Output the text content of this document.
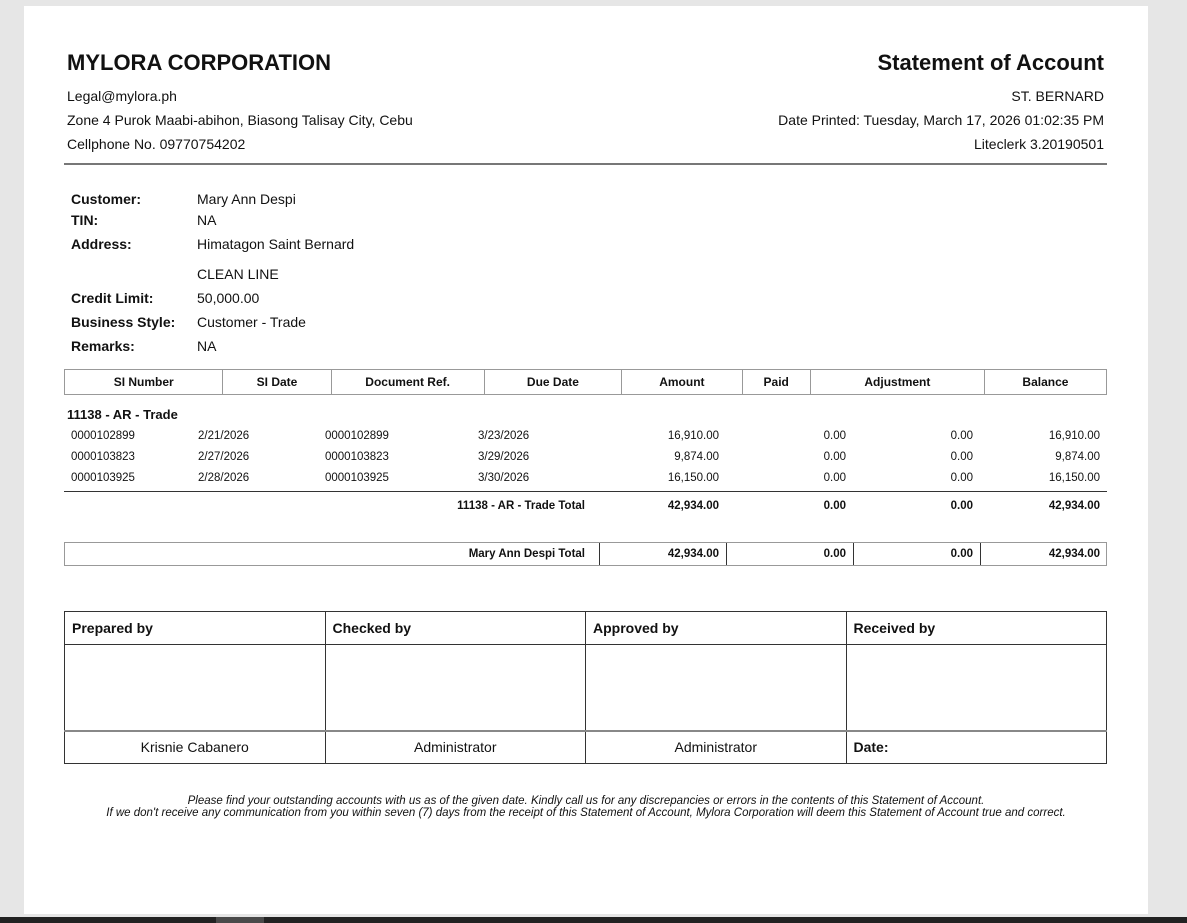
MYLORA CORPORATION
Legal@mylora.ph
Zone 4 Purok Maabi-abihon, Biasong Talisay City, Cebu
Cellphone No. 09770754202
Statement of Account
ST. BERNARD
Date Printed: Tuesday, March 17, 2026 01:02:35 PM
Liteclerk 3.20190501
Customer:	Mary Ann Despi
TIN:	NA
Address:	Himatagon Saint Bernard
CLEAN LINE
Credit Limit:	50,000.00
Business Style: Customer - Trade
Remarks:	NA
SI Number	SI Date	Document Ref.	Due Date	Amount	Paid	Adjustment	Balance
11138 - AR - Trade
0000102899	2/21/2026	0000102899	3/23/2026	16,910.00	0.00	0.00	16,910.00
0000103823	2/27/2026	0000103823	3/29/2026	9,874.00	0.00	0.00	9,874.00
0000103925	2/28/2026	0000103925	3/30/2026	16,150.00	0.00	0.00	16,150.00
11138 - AR - Trade Total	42,934.00	0.00	0.00	42,934.00
Mary Ann Despi Total	42,934.00	0.00	0.00	42,934.00
Prepared by	Checked by	Approved by	Received by

Krisnie Cabanero	Administrator	Administrator	Date:
Please find your outstanding accounts with us as of the given date. Kindly call us for any discrepancies or errors in the contents of this Statement of Account.
If we don't receive any communication from you within seven (7) days from the receipt of this Statement of Account, Mylora Corporation will deem this Statement of Account true and correct.
